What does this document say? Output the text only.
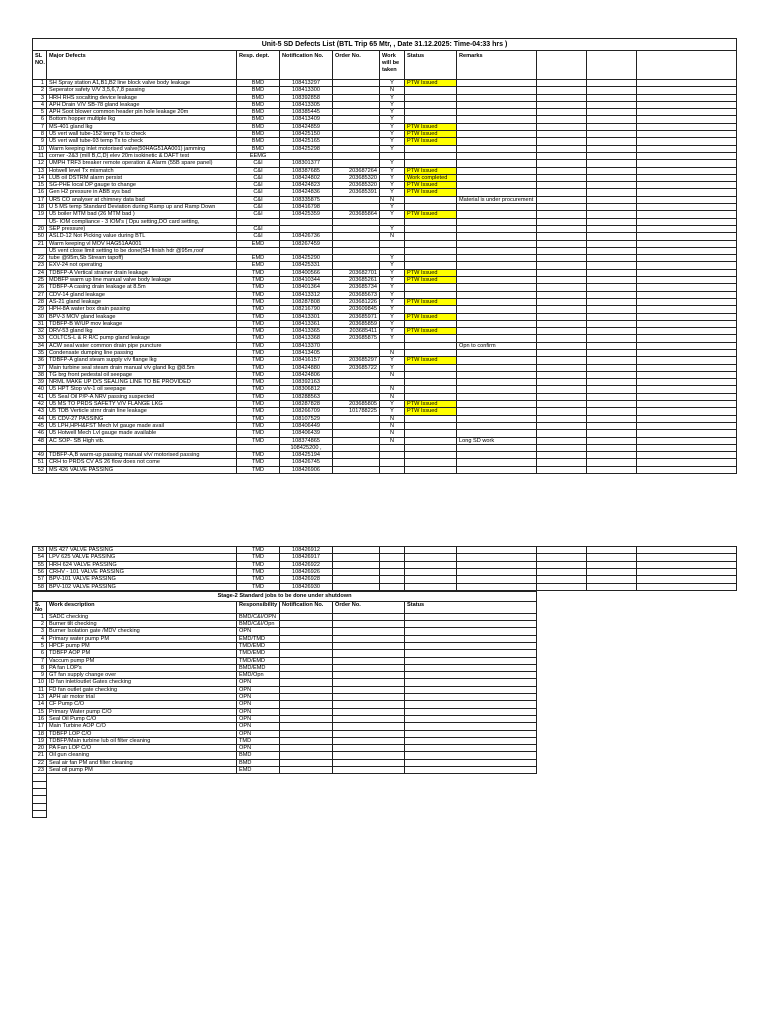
Unit-5 SD Defects List (BTL Trip 65 Mtr, , Date 31.12.2025: Time-04:33 hrs )										
SL NO.	Major Defects	Resp. dept.	Notification No.	Order No.	Work will be taken	Status	Remarks			
1	SH Spray station A1,B1,B2 line block valve body leakage	BMD	108413297		Y	PTW Issued				
2	Seperator safety V/V 3,5,6,7,8 passing	BMD	108413300		N					
3	HRH RHS socalting device leakage	BMD	108392858		Y					
4	APH Drain V/V SB-78 gland leakage	BMD	108413305		Y					
5	APH Soot blower common header pin hole leakage 20m	BMD	108385445		Y					
6	Bottom hopper multiple lkg	BMD	108413409		Y					
7	MS-401 gland lkg	BMD	108424859		Y	PTW Issued				
8	U5 vert wall tube-152 temp Tx to check	BMD	108425150		Y	PTW Issued				
9	U5 vert wall tube-93 temp Tx to check	BMD	108425165		Y	PTW Issued				
10	Warm keeping inlet motorised valve(50HAG51AA001) jamming	BMD	108425298		Y					
11	corner -2&3 (mill B,C,D) elev 20m isokinetic & DAFT test	EEMG								
12	UMPH TRF3 breaker remote operation & Alarm (55B spare panel)	C&I	108301377		Y					
13	Hotwell level Tx mismatch	C&I	108387685	203687264	Y	PTW Issued				
14	LUB oil DSTRM alarm persist	C&I	108424802	203685320	Y	Work completed				
15	SG-PHE local DP gauge to change	C&I	108424823	203685320	Y	PTW Issued				
16	Gen H2 pressure in ABB sys bad	C&I	108424836	203685391	Y	PTW Issued				
17	UR5 CO analyser at chimney data bad	C&I	108335875		N		Material is under procurement			
18	U 5 MS temp Standard Deviation during Ramp up and Ramp Down	C&I	108416798		Y					
19	U5 boiler MTM bad (26 MTM bad )	C&I	108425359	203685864	Y	PTW Issued				
	U5- IOM compliance - 3 IOM's ( Dpu setting,DO card setting,									
20	SEP pressure)	C&I			Y					
50	ASLD-12 Not Picking value during BTL	C&I	108426736		N					
21	Warm keeping vl MOV HAG51AA001	EMD	108267459							
	U5 vent close limit setting to be done(SH finish hdr @95m,roof									
22	tube @95m,Sb Stream tapoff)	EMD	108425290		Y					
23	EXV-24 not operating	EMD	108425331		Y					
24	TDBFP-A Vertical strainer drain leakage	TMD	108400566	203682701	Y	PTW Issued				
25	MDBFP warm up line manual valve body leakage	TMD	108410344	203685261	Y	PTW Issued				
26	TDBFP-A casing drain leakage at 8.5m	TMD	108401364	203685734	Y					
27	CDV-14 gland leakage	TMD	108413312	203685673	Y					
28	AS-21 gland leakage	TMD	108287808	203681226	Y	PTW Issued				
29	HPH-8A water box drain passing	TMD	108216790	203609845	Y					
30	BPV-3 MOV gland leakage	TMD	108413301	203685971	Y	PTW Issued				
31	TDBFP-B W/UP mov leakage	TMD	108413361	203685859	Y					
32	DRV-53 gland lkg	TMD	108413365	203685411	Y	PTW Issued				
33	COLTCS-L & R R/C pump gland leakage	TMD	108413368	203685875	Y					
34	ACW seal water common drain pipe puncture	TMD	108413370				Opn to confirm			
35	Condensate dumping line passing	TMD	108413405		N					
36	TDBFP-A gland steam supply v/v flange lkg	TMD	108416157	203685297	Y	PTW Issued				
37	Main turbine seal steam drain manual v/v gland lkg @8.5m	TMD	108424880	203685722	Y					
38	TG brg front pedestal oil seepage	TMD	108424806		N					
39	NRML MAKE UP D/S SEALING LINE TO BE PROVIDED	TMD	108392163							
40	U5 HPT Stop v/v-1 oil seepage	TMD	108306812		N					
41	U5 Seal Oil P/P-A NRV passing suspected	TMD	108288563		N					
42	U5 MS TO PRDS SAFETY V/V FLANGE LKG	TMD	108287828	203685805	Y	PTW Issued				
43	U5 TDB Verticle strnr drain line leakage	TMD	108266709	101788225	Y	PTW Issued				
44	U5 CDV-27 PASSING	TMD	108107529		N					
45	U5 LPH,HPH&FST Mech lvl gauge made avail	TMD	108406449		N					
46	U5 Hotwell Mech Lvl gauge made available	TMD	108406439		N					
48	AC SOP- SB High vib.	TMD	108374865		N		Long SD work			
			108425200 ,							
49	TDBFP-A,B warm-up passing manual v/v/ motorised passing	TMD	108425194							
51	CRH to PRDS CV AS 26 flow does not come	TMD	108426745							
52	MS 426 VALVE PASSING	TMD	108426906							
53	MS 427 VALVE PASSING	TMD	108426912							
54	LPV 625 VALVE PASSING	TMD	108426917							
55	HRH 624 VALVE PASSING	TMD	108426922							
56	CRHV - 101 VALVE PASSING	TMD	108426926							
57	BPV-101 VALVE PASSING	TMD	108426928							
58	BPV-102 VALVE PASSING	TMD	108426930							
Stage-2 Standard jobs to be done under shutdown										
S. No	Work description	Responsibility	Notification No.	Order No.		Status				
1	SADC checking	BMD/C&I/OPN								
2	Burner tilt checking	BMD/C&I/Opn								
3	Burner Isolation gate /MDV checking	OPN								
4	Primary water pump PM	EMD/TMD								
5	HPCF pump PM	TMD/EMD								
6	TDBFP AOP PM	TMD/EMD								
7	Vaccum pump PM	TMD/EMD								
8	PA fan LOP's	BMD/EMD								
9	GT fan supply change over	EMD/Opn								
10	ID fan inlet/outlet Gates checking	OPN								
11	FD fan outlet gate checking	OPN								
13	APH air motor trial	OPN								
14	CF Pump C/O	OPN								
15	Primary Water pump C/O	OPN								
16	Seal Oil Pump C/O	OPN								
17	Main Turbine AOP C/O	OPN								
18	TDBFP LOP C/O	OPN								
19	TDBFP/Main turbine lub oil filter cleaning	TMD								
20	PA Fan LOP C/O	OPN								
21	Oil gun cleaning	BMD								
22	Seal air fan PM and filter cleaning	BMD								
23	Seal oil pump PM	EMD								
